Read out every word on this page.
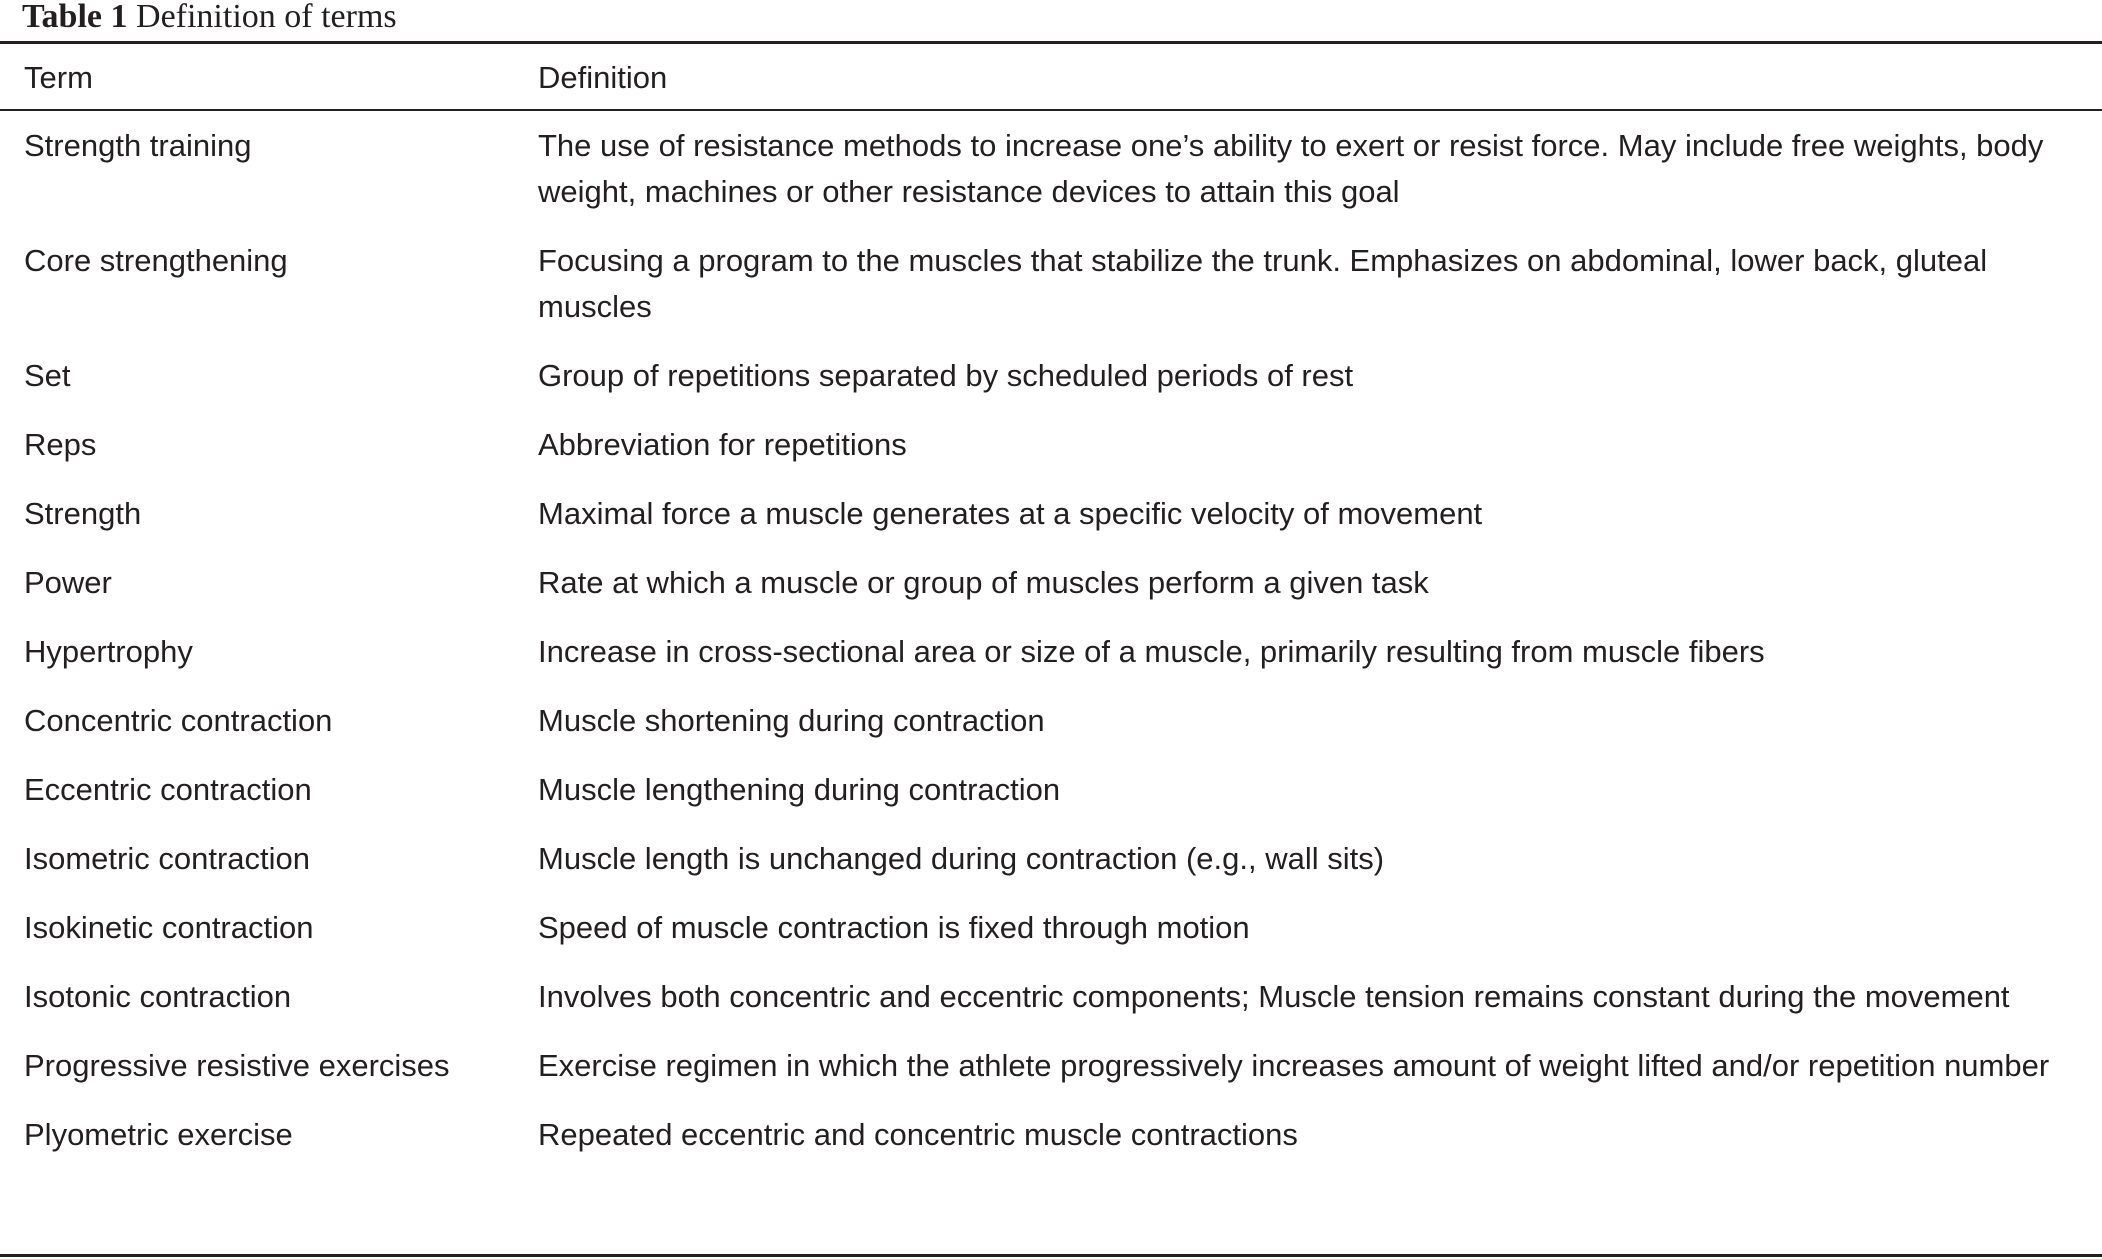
Table 1 Definition of terms
Term	Definition
Strength training	The use of resistance methods to increase one’s ability to exert or resist force. May include free weights, body weight, machines or other resistance devices to attain this goal
Core strengthening	Focusing a program to the muscles that stabilize the trunk. Emphasizes on abdominal, lower back, gluteal muscles
Set	Group of repetitions separated by scheduled periods of rest
Reps	Abbreviation for repetitions
Strength	Maximal force a muscle generates at a specific velocity of movement
Power	Rate at which a muscle or group of muscles perform a given task
Hypertrophy	Increase in cross-sectional area or size of a muscle, primarily resulting from muscle fibers
Concentric contraction	Muscle shortening during contraction
Eccentric contraction	Muscle lengthening during contraction
Isometric contraction	Muscle length is unchanged during contraction (e.g., wall sits)
Isokinetic contraction	Speed of muscle contraction is fixed through motion
Isotonic contraction	Involves both concentric and eccentric components; Muscle tension remains constant during the movement
Progressive resistive exercises	Exercise regimen in which the athlete progressively increases amount of weight lifted and/or repetition number
Plyometric exercise	Repeated eccentric and concentric muscle contractions
